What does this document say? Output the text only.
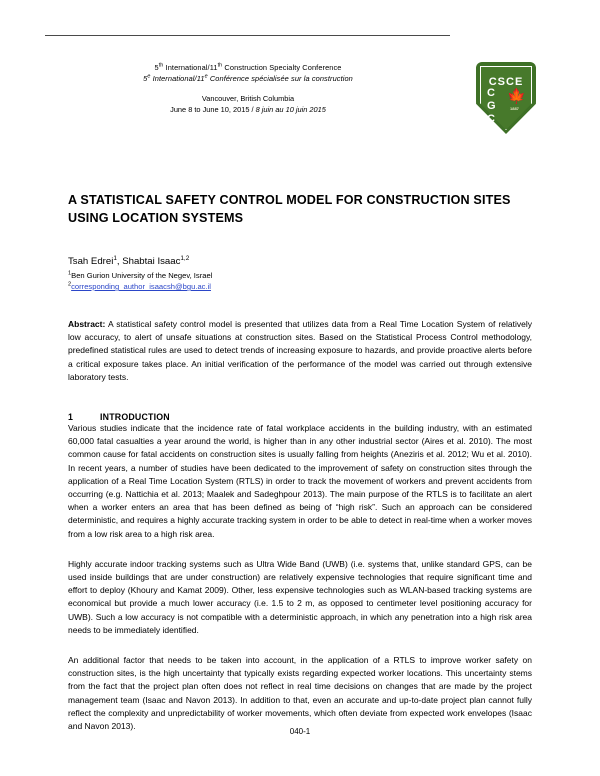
5th International/11th Construction Specialty Conference
5e International/11e Conférence spécialisée sur la construction
Vancouver, British Columbia
June 8 to June 10, 2015 / 8 juin au 10 juin 2015
CSCE
C
G
C
🍁
1887
A STATISTICAL SAFETY CONTROL MODEL FOR CONSTRUCTION SITES USING LOCATION SYSTEMS
Tsah Edrei$^1$, Shabtai Isaac$^{1,2}$
$^1$Ben Gurion University of the Negev, Israel
$^2$corresponding_author_isaacsh@bgu.ac.il
Abstract: A statistical safety control model is presented that utilizes data from a Real Time Location System of relatively low accuracy, to alert of unsafe situations at construction sites. Based on the Statistical Process Control methodology, predefined statistical rules are used to detect trends of increasing exposure to hazards, and provide proactive alerts before a critical exposure takes place. An initial verification of the performance of the model was carried out through extensive laboratory tests.
1	INTRODUCTION

Various studies indicate that the incidence rate of fatal workplace accidents in the building industry, with an estimated 60,000 fatal casualties a year around the world, is higher than in any other industrial sector (Aires et al. 2010). The most common cause for fatal accidents on construction sites is usually falling from heights (Aneziris et al. 2012; Wu et al. 2010). In recent years, a number of studies have been dedicated to the improvement of safety on construction sites through the application of a Real Time Location System (RTLS) in order to track the movement of workers and prevent accidents from occurring (e.g. Nattichia et al. 2013; Maalek and Sadeghpour 2013). The main purpose of the RTLS is to facilitate an alert when a worker enters an area that has been defined as being of “high risk”. Such an approach can be considered deterministic, and requires a highly accurate tracking system in order to be able to detect in real-time when a worker moves from a low risk area to a high risk area.

Highly accurate indoor tracking systems such as Ultra Wide Band (UWB) (i.e. systems that, unlike standard GPS, can be used inside buildings that are under construction) are relatively expensive technologies that require significant time and effort to deploy (Khoury and Kamat 2009). Other, less expensive technologies such as WLAN-based tracking systems are economical but provide a much lower accuracy (i.e. 1.5 to 2 m, as opposed to centimeter level positioning accuracy for UWB). Such a low accuracy is not compatible with a deterministic approach, in which any penetration into a high risk area needs to be immediately identified.

An additional factor that needs to be taken into account, in the application of a RTLS to improve worker safety on construction sites, is the high uncertainty that typically exists regarding expected worker locations. This uncertainty stems from the fact that the project plan often does not reflect in real time decisions on changes that are made by the project management team (Isaac and Navon 2013). In addition to that, even an accurate and up-to-date project plan cannot fully reflect the complexity and unpredictability of worker movements, which often deviate from expected work envelopes (Isaac and Navon 2013).

040-1
